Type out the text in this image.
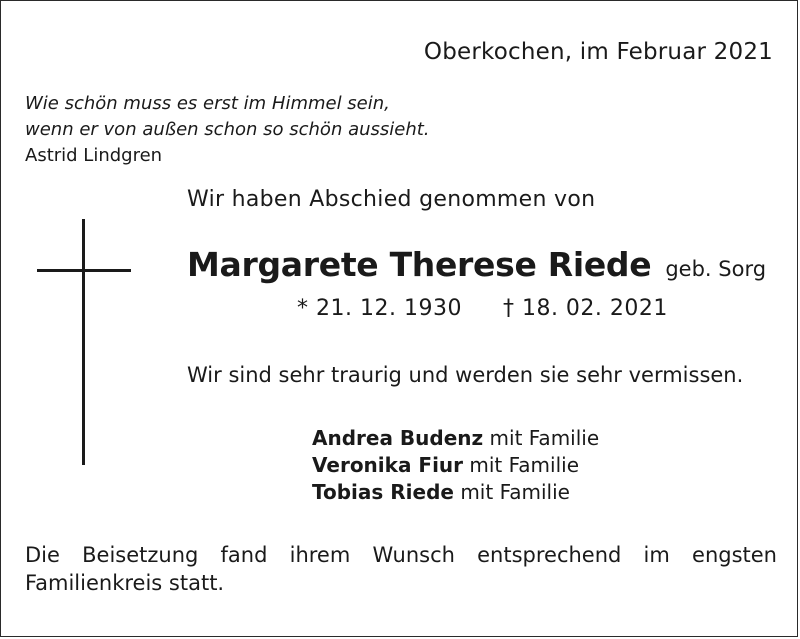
Oberkochen, im Februar 2021
Wie schön muss es erst im Himmel sein,
wenn er von außen schon so schön aussieht.
Astrid Lindgren
Wir haben Abschied genommen von
Margarete Therese Riede geb. Sorg
* 21. 12. 1930 † 18. 02. 2021
Wir sind sehr traurig und werden sie sehr vermissen.
Andrea Budenz mit Familie
Veronika Fiur mit Familie
Tobias Riede mit Familie
Die Beisetzung fand ihrem Wunsch entsprechend im engsten Familienkreis statt.
